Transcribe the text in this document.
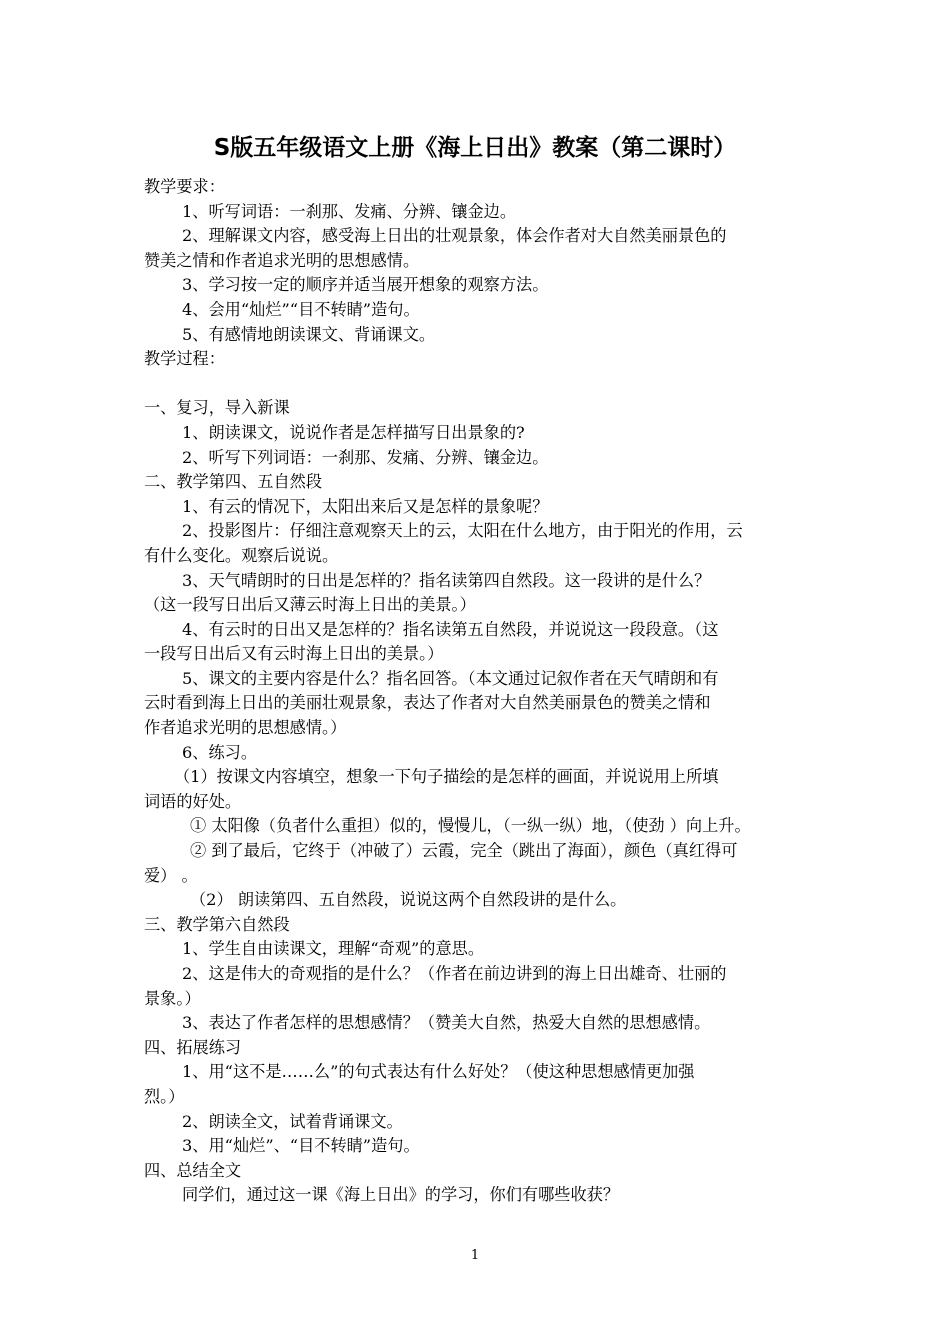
S版五年级语文上册《海上日出》教案（第二课时）
教学要求：
1、听写词语：一刹那、发痛、分辨、镶金边。
2、理解课文内容，感受海上日出的壮观景象，体会作者对大自然美丽景色的
赞美之情和作者追求光明的思想感情。
3、学习按一定的顺序并适当展开想象的观察方法。
4、会用“灿烂”“目不转睛”造句。
5、有感情地朗读课文、背诵课文。
教学过程：
一、复习，导入新课
1、朗读课文，说说作者是怎样描写日出景象的?
2、听写下列词语：一刹那、发痛、分辨、镶金边。
二、教学第四、五自然段
1、有云的情况下，太阳出来后又是怎样的景象呢？
2、投影图片：仔细注意观察天上的云，太阳在什么地方，由于阳光的作用，云
有什么变化。观察后说说。
3、天气晴朗时的日出是怎样的？指名读第四自然段。这一段讲的是什么？
（这一段写日出后又薄云时海上日出的美景。）
4、有云时的日出又是怎样的？指名读第五自然段，并说说这一段段意。（这
一段写日出后又有云时海上日出的美景。）
5、课文的主要内容是什么？指名回答。（本文通过记叙作者在天气晴朗和有
云时看到海上日出的美丽壮观景象，表达了作者对大自然美丽景色的赞美之情和
作者追求光明的思想感情。）
6、练习。
（1）按课文内容填空，想象一下句子描绘的是怎样的画面，并说说用上所填
词语的好处。
① 太阳像（负者什么重担）似的，慢慢儿，（一纵一纵）地，（使劲 ）向上升。
② 到了最后，它终于（冲破了）云霞，完全（跳出了海面），颜色（真红得可
爱） 。
（2） 朗读第四、五自然段，说说这两个自然段讲的是什么。
三、教学第六自然段
1、学生自由读课文，理解“奇观”的意思。
2、这是伟大的奇观指的是什么？（作者在前边讲到的海上日出雄奇、壮丽的
景象。）
3、表达了作者怎样的思想感情？（赞美大自然，热爱大自然的思想感情。
四、拓展练习
1、用“这不是……么”的句式表达有什么好处？（使这种思想感情更加强
烈。）
2、朗读全文，试着背诵课文。
3、用“灿烂”、“目不转睛”造句。
四、总结全文
同学们，通过这一课《海上日出》的学习，你们有哪些收获？
1
